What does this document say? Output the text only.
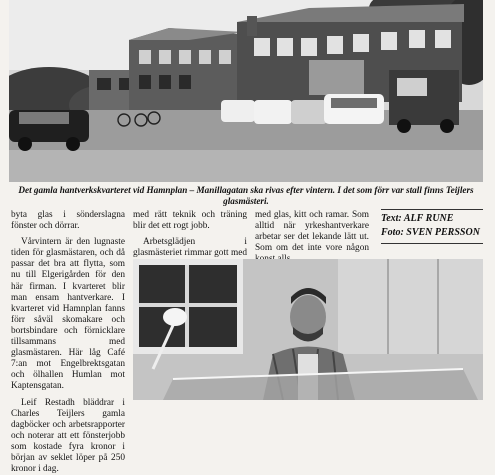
Det gamla hantverkskvarteret vid Hamnplan – Manillagatan ska rivas efter vintern. I det som förr var stall finns Teijlers glasmästeri.

byta glas i sönderslagna fönster och dörrar.

Vårvintern är den lugnaste tiden för glasmästaren, och då passar det bra att flytta, som nu till Elgerigården för den här firman. I kvarteret blir man ensam hantverkare. I kvarteret vid Hamnplan fanns förr såväl skomakare och bortsbindare och förnicklare tillsammans med glasmästaren. Här låg Café 7:an mot Engelbrektsgatan och ölhallen Humlan mot Kaptensgatan.

Leif Restadh bläddrar i Charles Teijlers gamla dagböcker och arbetsrapporter och noterar att ett fönsterjobb som kostade fyra kronor i början av seklet löper på 250 kronor i dag.

med rätt teknik och träning blir det ett rogt jobb.

Arbetsglädjen i glasmästeriet rimmar gott med

med glas, kitt och ramar. Som alltid när yrkeshantverkare arbetar ser det lekande lätt ut. Som om det inte vore någon

Text: ALF RUNE
Foto: SVEN PERSSON
